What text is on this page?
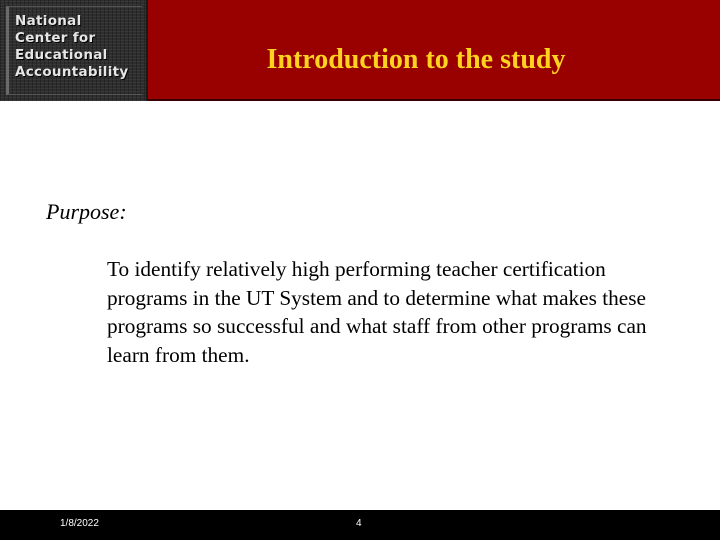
National
Center for
Educational
Accountability	Introduction to the study
Purpose:
To identify relatively high performing teacher certification programs in the UT System and to determine what makes these programs so successful and what staff from other programs can learn from them.
1/8/2022	4
